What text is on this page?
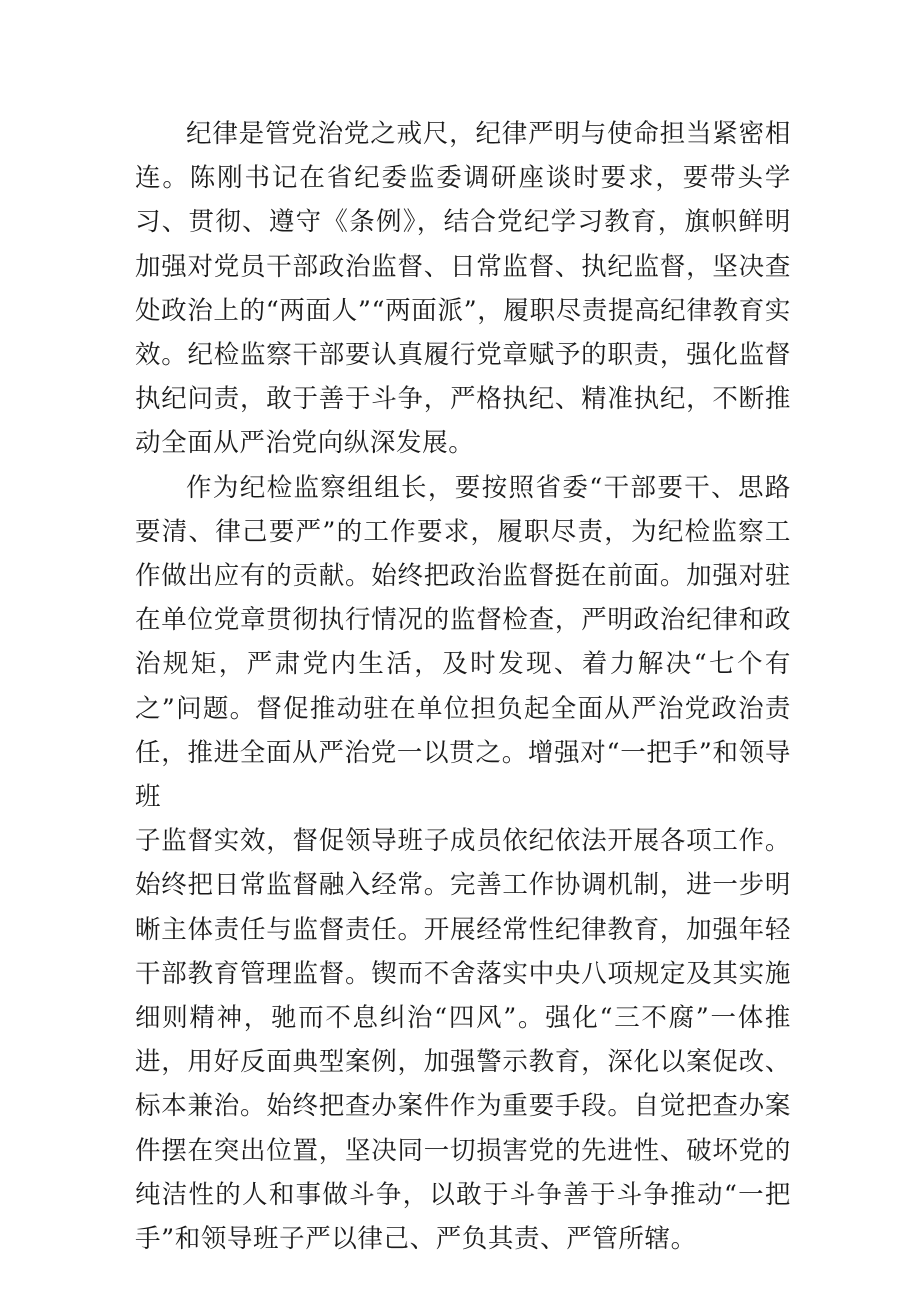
纪律是管党治党之戒尺，纪律严明与使命担当紧密相连。陈刚书记在省纪委监委调研座谈时要求，要带头学习、贯彻、遵守《条例》，结合党纪学习教育，旗帜鲜明加强对党员干部政治监督、日常监督、执纪监督，坚决查处政治上的“两面人”“两面派”，履职尽责提高纪律教育实效。纪检监察干部要认真履行党章赋予的职责，强化监督执纪问责，敢于善于斗争，严格执纪、精准执纪，不断推动全面从严治党向纵深发展。

作为纪检监察组组长，要按照省委“干部要干、思路要清、律己要严”的工作要求，履职尽责，为纪检监察工作做出应有的贡献。始终把政治监督挺在前面。加强对驻在单位党章贯彻执行情况的监督检查，严明政治纪律和政治规矩，严肃党内生活，及时发现、着力解决“七个有之”问题。督促推动驻在单位担负起全面从严治党政治责任，推进全面从严治党一以贯之。增强对“一把手”和领导班

子监督实效，督促领导班子成员依纪依法开展各项工作。始终把日常监督融入经常。完善工作协调机制，进一步明晰主体责任与监督责任。开展经常性纪律教育，加强年轻干部教育管理监督。锲而不舍落实中央八项规定及其实施细则精神，驰而不息纠治“四风”。强化“三不腐”一体推进，用好反面典型案例，加强警示教育，深化以案促改、标本兼治。始终把查办案件作为重要手段。自觉把查办案件摆在突出位置，坚决同一切损害党的先进性、破坏党的纯洁性的人和事做斗争，以敢于斗争善于斗争推动“一把手”和领导班子严以律己、严负其责、严管所辖。
